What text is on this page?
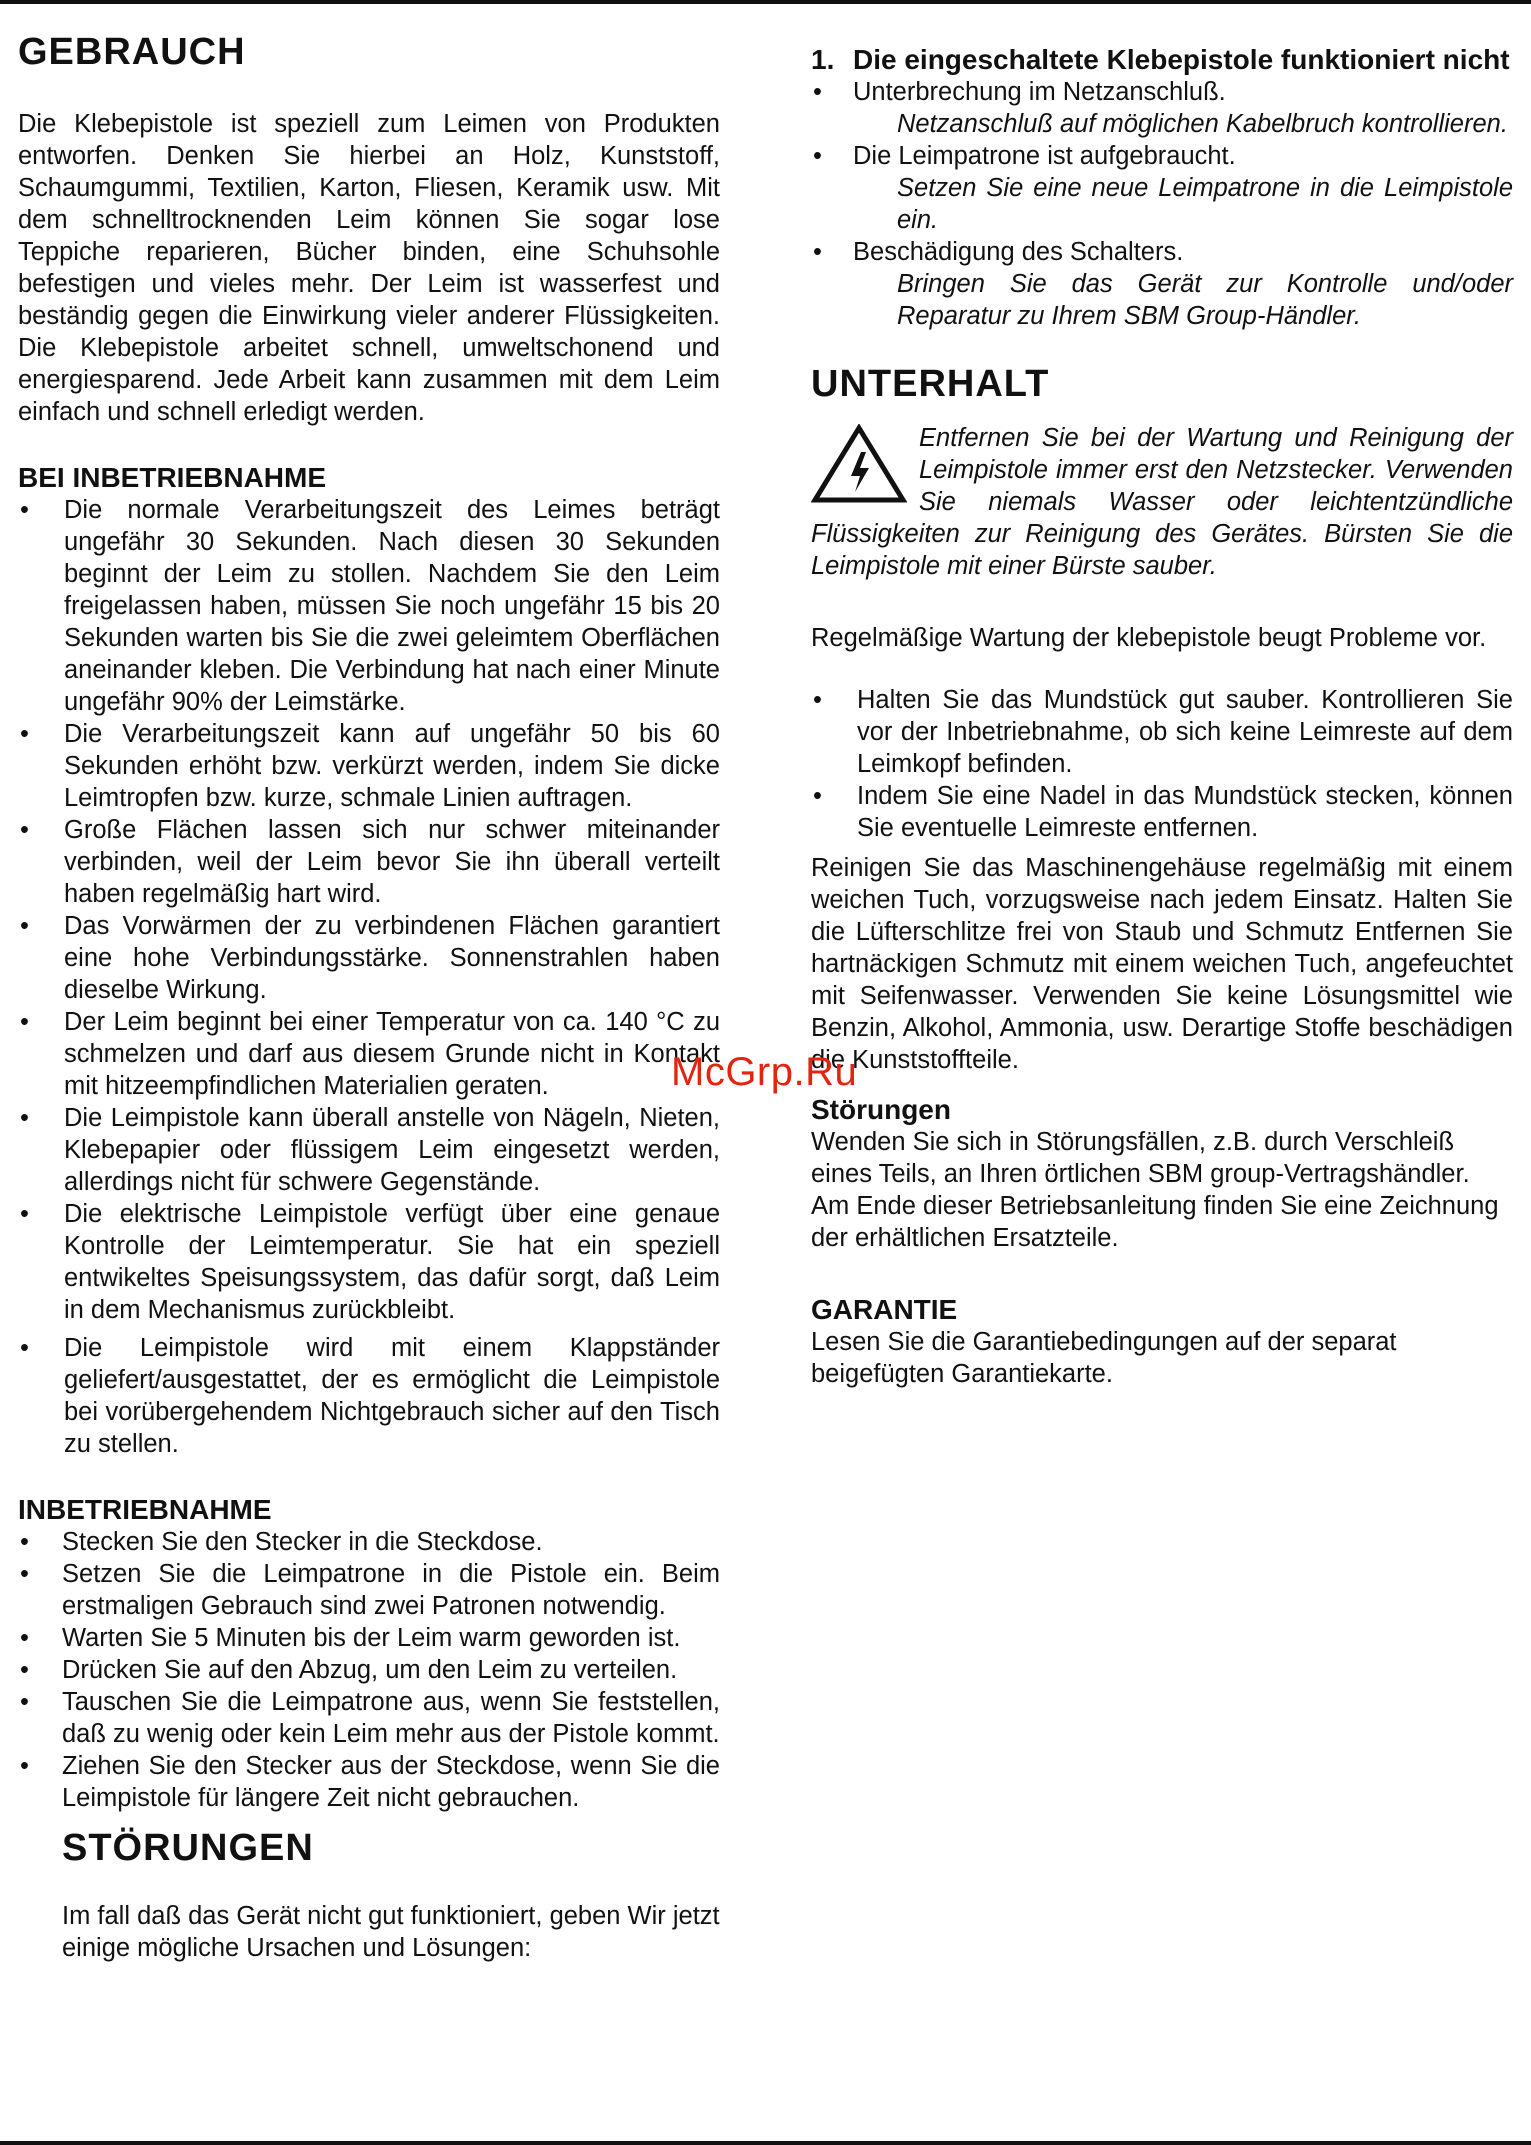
GEBRAUCH

Die Klebepistole ist speziell zum Leimen von Produkten entworfen. Denken Sie hierbei an Holz, Kunststoff, Schaumgummi, Textilien, Karton, Fliesen, Keramik usw. Mit dem schnelltrocknenden Leim können Sie sogar lose Teppiche reparieren, Bücher binden, eine Schuhsohle befestigen und vieles mehr. Der Leim ist wasserfest und beständig gegen die Einwirkung vieler anderer Flüssigkeiten. Die Klebepistole arbeitet schnell, umweltschonend und energiesparend. Jede Arbeit kann zusammen mit dem Leim einfach und schnell erledigt werden.

BEI INBETRIEBNAHME
• Die normale Verarbeitungszeit des Leimes beträgt ungefähr 30 Sekunden. Nach diesen 30 Sekunden beginnt der Leim zu stollen. Nachdem Sie den Leim freigelassen haben, müssen Sie noch ungefähr 15 bis 20 Sekunden warten bis Sie die zwei geleimtem Oberflächen aneinander kleben. Die Verbindung hat nach einer Minute ungefähr 90% der Leimstärke.
• Die Verarbeitungszeit kann auf ungefähr 50 bis 60 Sekunden erhöht bzw. verkürzt werden, indem Sie dicke Leimtropfen bzw. kurze, schmale Linien auftragen.
• Große Flächen lassen sich nur schwer miteinander verbinden, weil der Leim bevor Sie ihn überall verteilt haben regelmäßig hart wird.
• Das Vorwärmen der zu verbindenen Flächen garantiert eine hohe Verbindungsstärke. Sonnenstrahlen haben dieselbe Wirkung.
• Der Leim beginnt bei einer Temperatur von ca. 140 °C zu schmelzen und darf aus diesem Grunde nicht in Kontakt mit hitzeempfindlichen Materialien geraten.
• Die Leimpistole kann überall anstelle von Nägeln, Nieten, Klebepapier oder flüssigem Leim eingesetzt werden, allerdings nicht für schwere Gegenstände.
• Die elektrische Leimpistole verfügt über eine genaue Kontrolle der Leimtemperatur. Sie hat ein speziell entwikeltes Speisungssystem, das dafür sorgt, daß Leim in dem Mechanismus zurückbleibt.
• Die Leimpistole wird mit einem Klappständer geliefert/ausgestattet, der es ermöglicht die Leimpistole bei vorübergehendem Nichtgebrauch sicher auf den Tisch zu stellen.
INBETRIEBNAHME
• Stecken Sie den Stecker in die Steckdose.
• Setzen Sie die Leimpatrone in die Pistole ein. Beim erstmaligen Gebrauch sind zwei Patronen notwendig.
• Warten Sie 5 Minuten bis der Leim warm geworden ist.
• Drücken Sie auf den Abzug, um den Leim zu verteilen.
• Tauschen Sie die Leimpatrone aus, wenn Sie feststellen, daß zu wenig oder kein Leim mehr aus der Pistole kommt.
• Ziehen Sie den Stecker aus der Steckdose, wenn Sie die Leimpistole für längere Zeit nicht gebrauchen.
STÖRUNGEN

Im fall daß das Gerät nicht gut funktioniert, geben Wir jetzt einige mögliche Ursachen und Lösungen:

1. Die eingeschaltete Klebepistole funktioniert nicht
• Unterbrechung im Netzanschluß.
Netzanschluß auf möglichen Kabelbruch kontrollieren.
• Die Leimpatrone ist aufgebraucht.
Setzen Sie eine neue Leimpatrone in die Leimpistole ein.
• Beschädigung des Schalters.
Bringen Sie das Gerät zur Kontrolle und/oder Reparatur zu Ihrem SBM Group-Händler.
UNTERHALT

Entfernen Sie bei der Wartung und Reinigung der Leimpistole immer erst den Netzstecker. Verwenden Sie niemals Wasser oder leichtentzündliche Flüssigkeiten zur Reinigung des Gerätes. Bürsten Sie die Leimpistole mit einer Bürste sauber.

Regelmäßige Wartung der klebepistole beugt Probleme vor.

• Halten Sie das Mundstück gut sauber. Kontrollieren Sie vor der Inbetriebnahme, ob sich keine Leimreste auf dem Leimkopf befinden.
• Indem Sie eine Nadel in das Mundstück stecken, können Sie eventuelle Leimreste entfernen.

Reinigen Sie das Maschinengehäuse regelmäßig mit einem weichen Tuch, vorzugsweise nach jedem Einsatz. Halten Sie die Lüfterschlitze frei von Staub und Schmutz Entfernen Sie hartnäckigen Schmutz mit einem weichen Tuch, angefeuchtet mit Seifenwasser. Verwenden Sie keine Lösungsmittel wie Benzin, Alkohol, Ammonia, usw. Derartige Stoffe beschädigen die Kunststoffteile.

Störungen

Wenden Sie sich in Störungsfällen, z.B. durch Verschleiß eines Teils, an Ihren örtlichen SBM group-Vertragshändler. Am Ende dieser Betriebsanleitung finden Sie eine Zeichnung der erhältlichen Ersatzteile.

GARANTIE

Lesen Sie die Garantiebedingungen auf der separat beigefügten Garantiekarte.

McGrp.Ru
